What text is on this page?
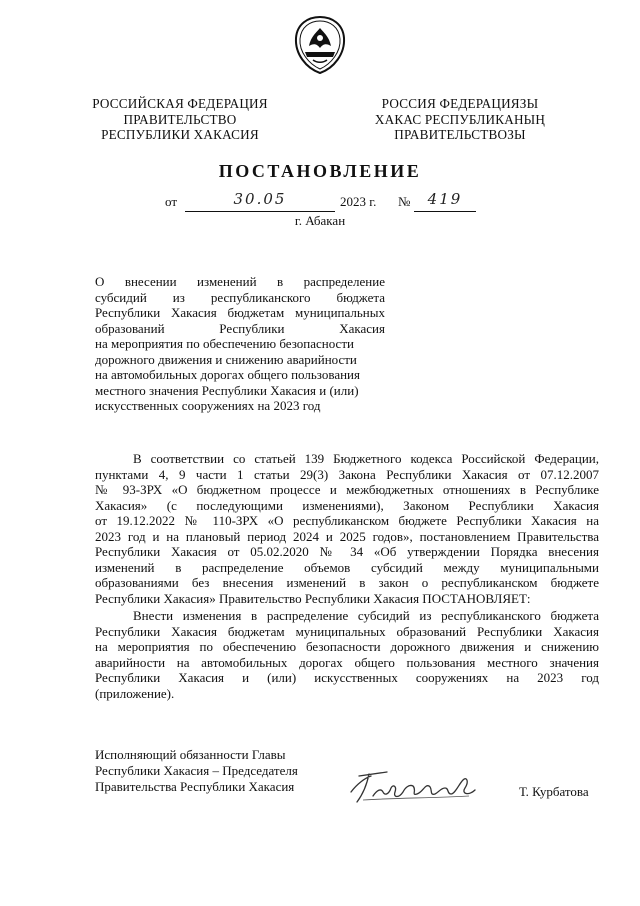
РОССИЙСКАЯ ФЕДЕРАЦИЯ
ПРАВИТЕЛЬСТВО
РЕСПУБЛИКИ ХАКАСИЯ
РОССИЯ ФЕДЕРАЦИЯЗЫ
ХАКАС РЕСПУБЛИКАНЫҢ
ПРАВИТЕЛЬСТВОЗЫ
ПОСТАНОВЛЕНИЕ
от	30.05	2023 г. №	419
г. Абакан
О внесении изменений в распределение
субсидий из республиканского бюджета
Республики Хакасия бюджетам муниципальных
образований Республики Хакасия
на мероприятия по обеспечению безопасности
дорожного движения и снижению аварийности
на автомобильных дорогах общего пользования
местного значения Республики Хакасия и (или)
искусственных сооружениях на 2023 год
В соответствии со статьей 139 Бюджетного кодекса Российской Федерации,
пунктами 4, 9 части 1 статьи 29(3) Закона Республики Хакасия от 07.12.2007
№ 93-ЗРХ «О бюджетном процессе и межбюджетных отношениях в Республике
Хакасия» (с последующими изменениями), Законом Республики Хакасия
от 19.12.2022 № 110-ЗРХ «О республиканском бюджете Республики Хакасия на
2023 год и на плановый период 2024 и 2025 годов», постановлением Правительства
Республики Хакасия от 05.02.2020 № 34 «Об утверждении Порядка внесения
изменений в распределение объемов субсидий между муниципальными
образованиями без внесения изменений в закон о республиканском бюджете
Республики Хакасия» Правительство Республики Хакасия ПОСТАНОВЛЯЕТ:
Внести изменения в распределение субсидий из республиканского бюджета
Республики Хакасия бюджетам муниципальных образований Республики Хакасия
на мероприятия по обеспечению безопасности дорожного движения и снижению
аварийности на автомобильных дорогах общего пользования местного значения
Республики Хакасия и (или) искусственных сооружениях на 2023 год
(приложение).
Исполняющий обязанности Главы
Республики Хакасия – Председателя
Правительства Республики Хакасия	Т. Курбатова
